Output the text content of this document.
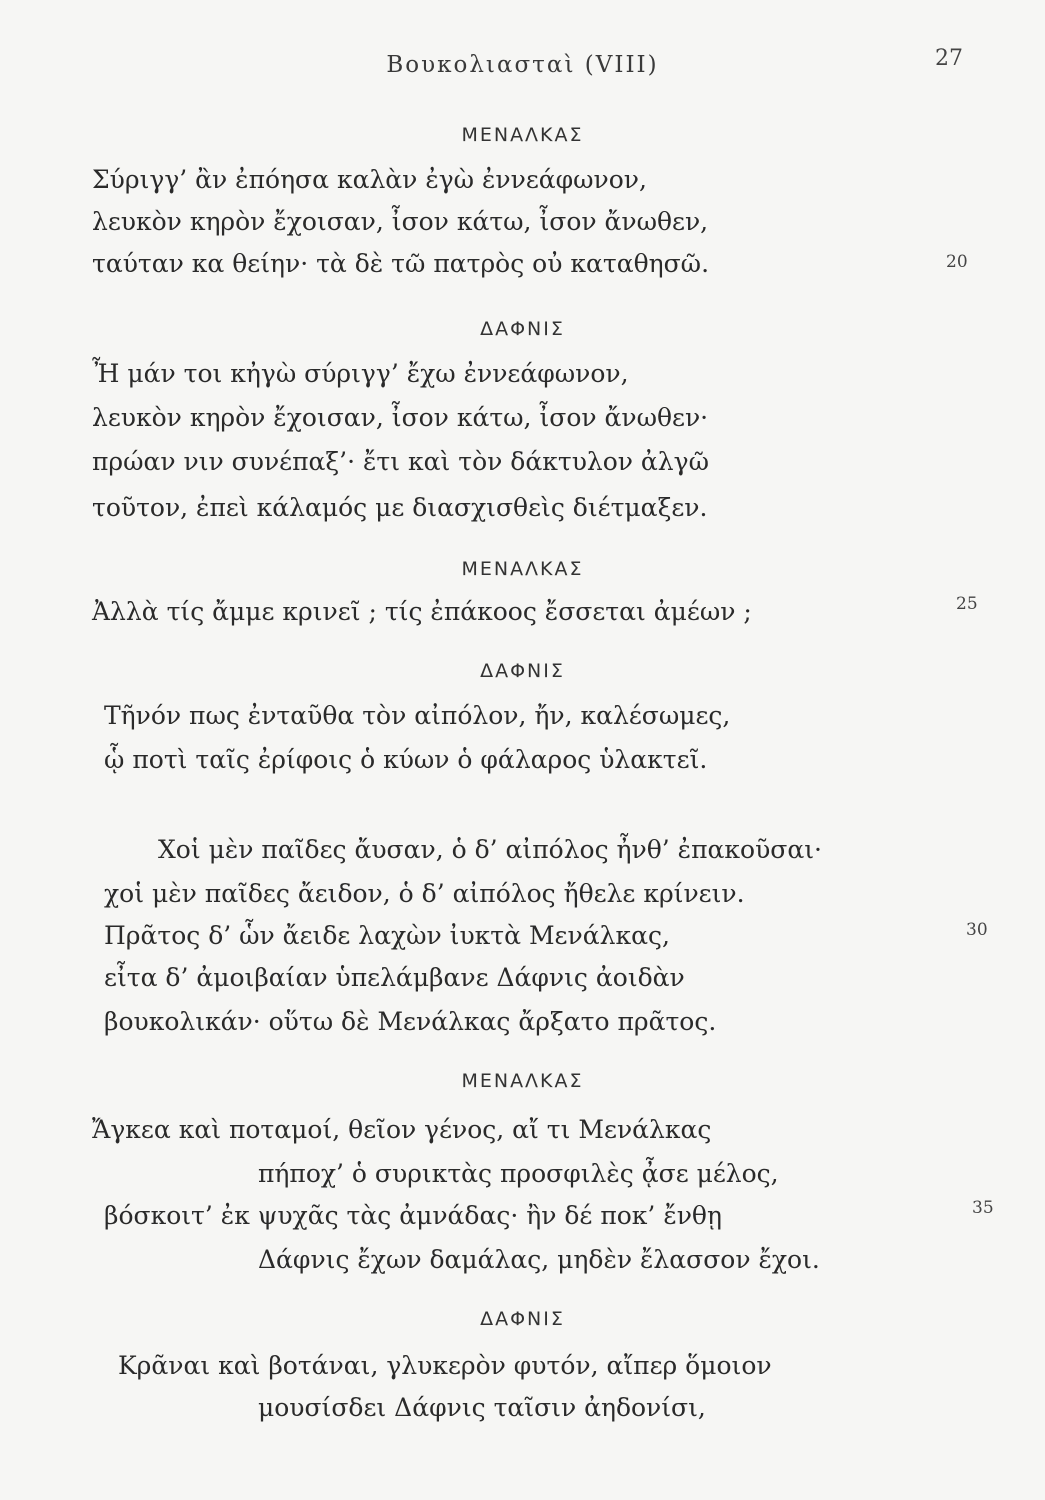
Βουκολιασταὶ (VIII)	27
ΜΕΝΑΛΚΑΣ
Σύριγγ’ ἂν ἐπόησα καλὰν ἐγὼ ἐννεάφωνον,
λευκὸν κηρὸν ἔχοισαν, ἶσον κάτω, ἶσον ἄνωθεν,
ταύταν κα θείην· τὰ δὲ τῶ πατρὸς οὐ καταθησῶ.	20
ΔΑΦΝΙΣ
Ἦ μάν τοι κἠγὼ σύριγγ’ ἔχω ἐννεάφωνον,
λευκὸν κηρὸν ἔχοισαν, ἶσον κάτω, ἶσον ἄνωθεν·
πρώαν νιν συνέπαξ’· ἔτι καὶ τὸν δάκτυλον ἀλγῶ
τοῦτον, ἐπεὶ κάλαμός με διασχισθεὶς διέτμαξεν.
ΜΕΝΑΛΚΑΣ
Ἀλλὰ τίς ἄμμε κρινεῖ ; τίς ἐπάκοος ἔσσεται ἀμέων ;	25
ΔΑΦΝΙΣ
Τῆνόν πως ἐνταῦθα τὸν αἰπόλον, ἤν, καλέσωμες,
ᾧ ποτὶ ταῖς ἐρίφοις ὁ κύων ὁ φάλαρος ὑλακτεῖ.
Χοἱ μὲν παῖδες ἄυσαν, ὁ δ’ αἰπόλος ἦνθ’ ἐπακοῦσαι·
χοἱ μὲν παῖδες ἄειδον, ὁ δ’ αἰπόλος ἤθελε κρίνειν.
Πρᾶτος δ’ ὧν ἄειδε λαχὼν ἰυκτὰ Μενάλκας,	30
εἶτα δ’ ἀμοιβαίαν ὑπελάμβανε Δάφνις ἀοιδὰν
βουκολικάν· οὕτω δὲ Μενάλκας ἄρξατο πρᾶτος.
ΜΕΝΑΛΚΑΣ
Ἄγκεα καὶ ποταμοί, θεῖον γένος, αἴ τι Μενάλκας
πήποχ’ ὁ συρικτὰς προσφιλὲς ᾆσε μέλος,
βόσκοιτ’ ἐκ ψυχᾶς τὰς ἀμνάδας· ἢν δέ ποκ’ ἔνθῃ	35
Δάφνις ἔχων δαμάλας, μηδὲν ἔλασσον ἔχοι.
ΔΑΦΝΙΣ
Κρᾶναι καὶ βοτάναι, γλυκερὸν φυτόν, αἴπερ ὅμοιον
μουσίσδει Δάφνις ταῖσιν ἀηδονίσι,
